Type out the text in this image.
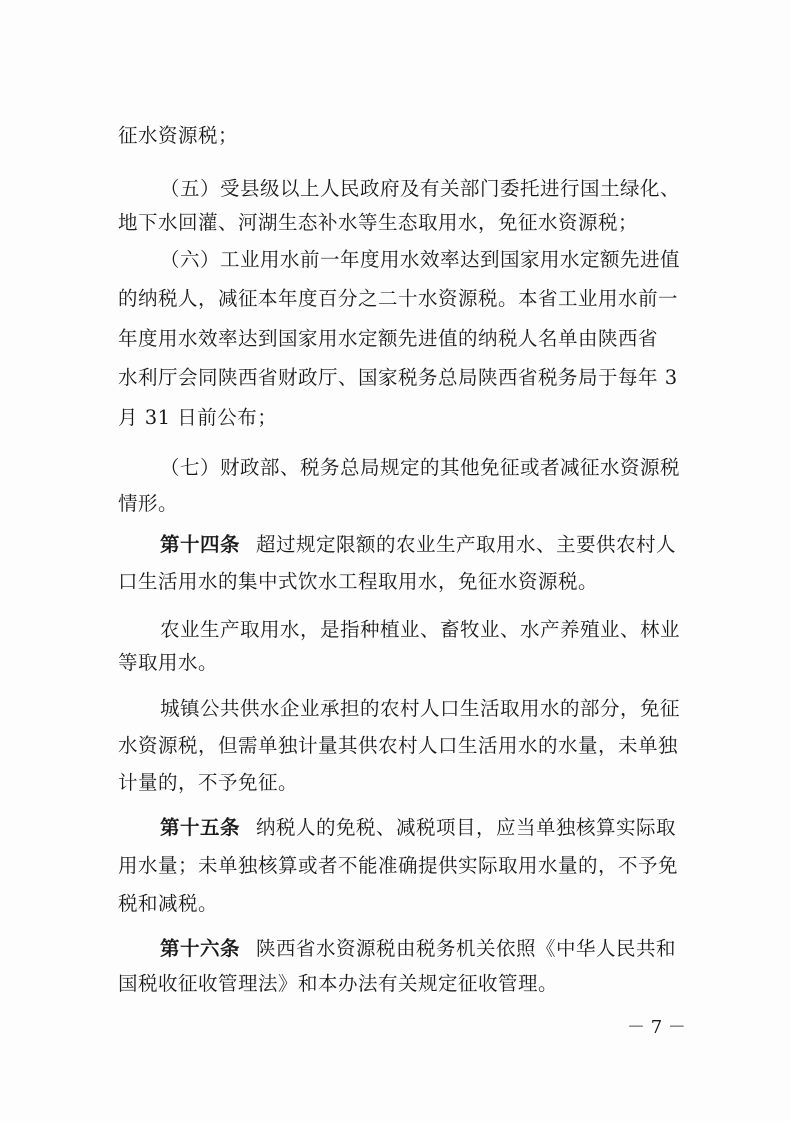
征水资源税；
（五）受县级以上人民政府及有关部门委托进行国土绿化、
地下水回灌、河湖生态补水等生态取用水，免征水资源税；
（六）工业用水前一年度用水效率达到国家用水定额先进值
的纳税人，减征本年度百分之二十水资源税。本省工业用水前一
年度用水效率达到国家用水定额先进值的纳税人名单由陕西省
水利厅会同陕西省财政厅、国家税务总局陕西省税务局于每年 3
月 31 日前公布；
（七）财政部、税务总局规定的其他免征或者减征水资源税
情形。
第十四条 超过规定限额的农业生产取用水、主要供农村人
口生活用水的集中式饮水工程取用水，免征水资源税。
农业生产取用水，是指种植业、畜牧业、水产养殖业、林业
等取用水。
城镇公共供水企业承担的农村人口生活取用水的部分，免征
水资源税，但需单独计量其供农村人口生活用水的水量，未单独
计量的，不予免征。
第十五条 纳税人的免税、减税项目，应当单独核算实际取
用水量；未单独核算或者不能准确提供实际取用水量的，不予免
税和减税。
第十六条 陕西省水资源税由税务机关依照《中华人民共和
国税收征收管理法》和本办法有关规定征收管理。
－ 7 －
